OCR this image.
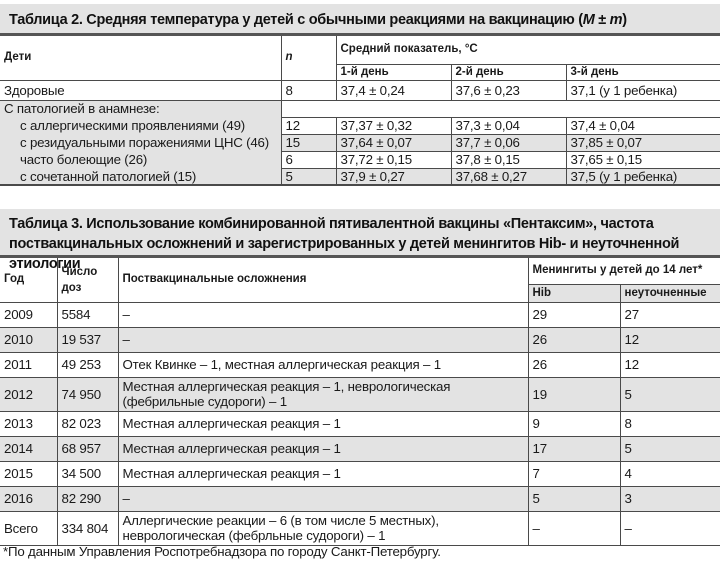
Таблица 2. Средняя температура у детей с обычными реакциями на вакцинацию (M ± m)
Дети	n	Средний показатель, °С		
		1-й день	2-й день	3-й день
Здоровые	8	37,4 ± 0,24	37,6 ± 0,23	37,1 (у 1 ребенка)
С патологией в анамнезе:				
с аллергическими проявлениями (49)	12	37,37 ± 0,32	37,3 ± 0,04	37,4 ± 0,04
с резидуальными поражениями ЦНС (46)	15	37,64 ± 0,07	37,7 ± 0,06	37,85 ± 0,07
часто болеющие (26)	6	37,72 ± 0,15	37,8 ± 0,15	37,65 ± 0,15
с сочетанной патологией (15)	5	37,9 ± 0,27	37,68 ± 0,27	37,5 (у 1 ребенка)
Таблица 3. Использование комбинированной пятивалентной вакцины «Пентаксим», частота
поствакцинальных осложнений и зарегистрированных у детей менингитов Hib- и неуточненной этиологии
Год	Число доз	Поствакцинальные осложнения	Менингиты у детей до 14 лет*	
			Hib	неуточненные
2009	5584	–	29	27
2010	19 537	–	26	12
2011	49 253	Отек Квинке – 1, местная аллергическая реакция – 1	26	12
2012	74 950	Местная аллергическая реакция – 1, неврологическая (фебрильные судороги) – 1	19	5
2013	82 023	Местная аллергическая реакция – 1	9	8
2014	68 957	Местная аллергическая реакция – 1	17	5
2015	34 500	Местная аллергическая реакция – 1	7	4
2016	82 290	–	5	3
Всего	334 804	Аллергические реакции – 6 (в том числе 5 местных), неврологическая (фебрльные судороги) – 1	–	–
*По данным Управления Роспотребнадзора по городу Санкт-Петербургу.
